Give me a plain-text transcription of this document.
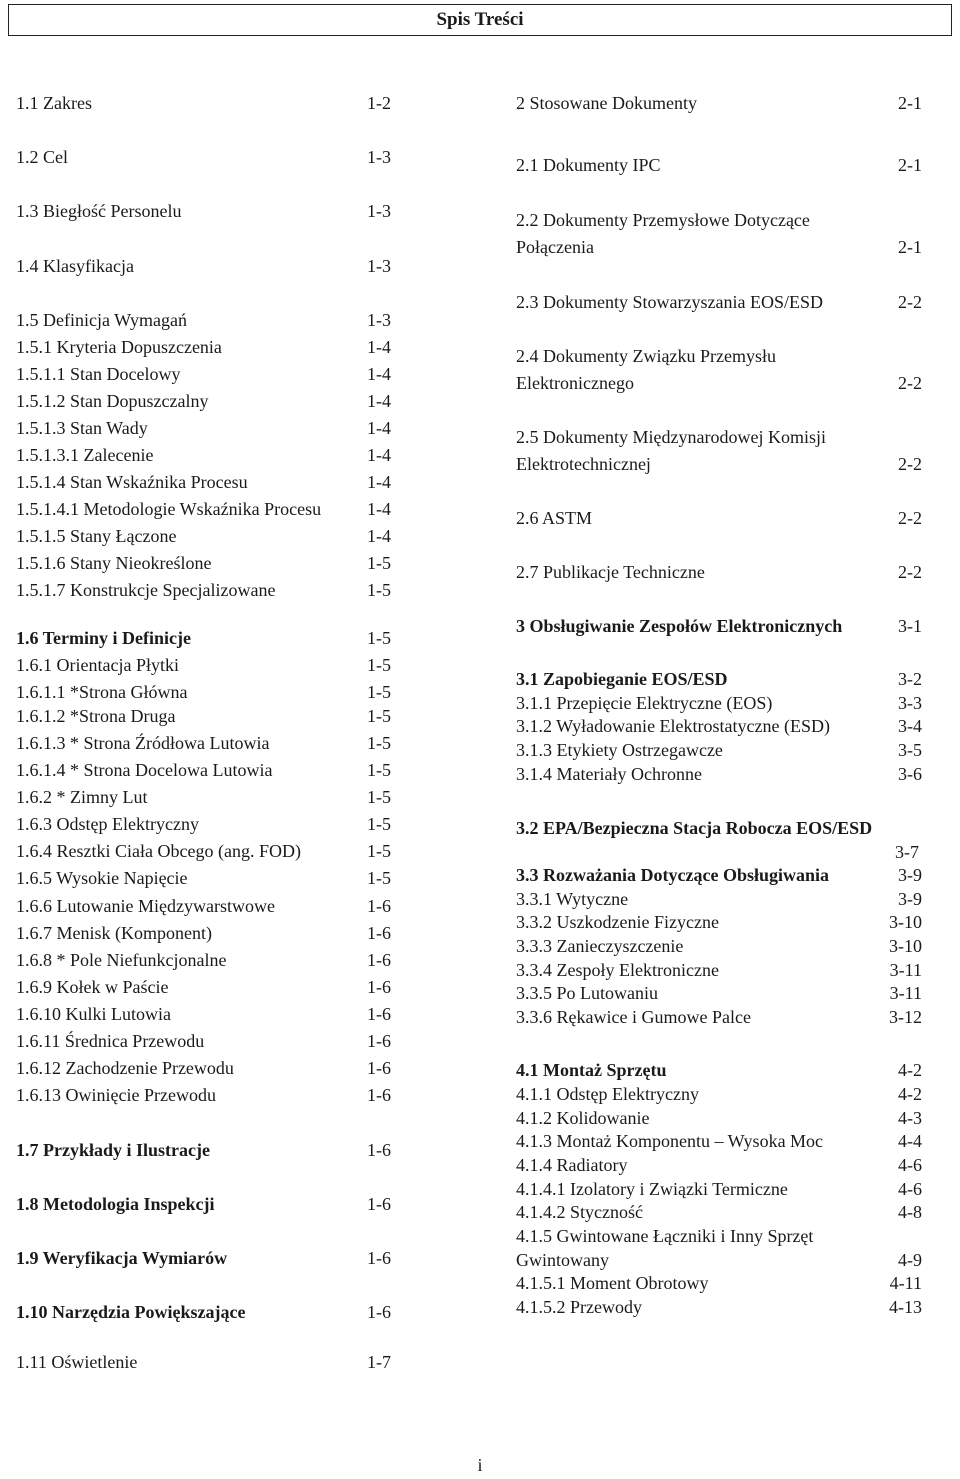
Spis Treści
1.1 Zakres	1-2
1.2 Cel	1-3
1.3 Biegłość Personelu	1-3
1.4 Klasyfikacja	1-3
1.5 Definicja Wymagań	1-3
1.5.1 Kryteria Dopuszczenia	1-4
1.5.1.1 Stan Docelowy	1-4
1.5.1.2 Stan Dopuszczalny	1-4
1.5.1.3 Stan Wady	1-4
1.5.1.3.1 Zalecenie	1-4
1.5.1.4 Stan Wskaźnika Procesu	1-4
1.5.1.4.1 Metodologie Wskaźnika Procesu	1-4
1.5.1.5 Stany Łączone	1-4
1.5.1.6 Stany Nieokreślone	1-5
1.5.1.7 Konstrukcje Specjalizowane	1-5
1.6 Terminy i Definicje	1-5
1.6.1 Orientacja Płytki	1-5
1.6.1.1 *Strona Główna	1-5
1.6.1.2 *Strona Druga	1-5
1.6.1.3 * Strona Źródłowa Lutowia	1-5
1.6.1.4 * Strona Docelowa Lutowia	1-5
1.6.2 * Zimny Lut	1-5
1.6.3 Odstęp Elektryczny	1-5
1.6.4 Resztki Ciała Obcego (ang. FOD)	1-5
1.6.5 Wysokie Napięcie	1-5
1.6.6 Lutowanie Międzywarstwowe	1-6
1.6.7 Menisk (Komponent)	1-6
1.6.8 * Pole Niefunkcjonalne	1-6
1.6.9 Kołek w Paście	1-6
1.6.10 Kulki Lutowia	1-6
1.6.11 Średnica Przewodu	1-6
1.6.12 Zachodzenie Przewodu	1-6
1.6.13 Owinięcie Przewodu	1-6
1.7 Przykłady i Ilustracje	1-6
1.8 Metodologia Inspekcji	1-6
1.9 Weryfikacja Wymiarów	1-6
1.10 Narzędzia Powiększające	1-6
1.11 Oświetlenie	1-7
2 Stosowane Dokumenty	2-1
2.1 Dokumenty IPC	2-1
2.2 Dokumenty Przemysłowe Dotyczące
Połączenia	2-1
2.3 Dokumenty Stowarzyszania EOS/ESD	2-2
2.4 Dokumenty Związku Przemysłu
Elektronicznego	2-2
2.5 Dokumenty Międzynarodowej Komisji
Elektrotechnicznej	2-2
2.6 ASTM	2-2
2.7 Publikacje Techniczne	2-2
3 Obsługiwanie Zespołów Elektronicznych	3-1
3.1 Zapobieganie EOS/ESD	3-2
3.1.1 Przepięcie Elektryczne (EOS)	3-3
3.1.2 Wyładowanie Elektrostatyczne (ESD)	3-4
3.1.3 Etykiety Ostrzegawcze	3-5
3.1.4 Materiały Ochronne	3-6
3.2 EPA/Bezpieczna Stacja Robocza EOS/ESD
3-7
3.3 Rozważania Dotyczące Obsługiwania	3-9
3.3.1 Wytyczne	3-9
3.3.2 Uszkodzenie Fizyczne	3-10
3.3.3 Zanieczyszczenie	3-10
3.3.4 Zespoły Elektroniczne	3-11
3.3.5 Po Lutowaniu	3-11
3.3.6 Rękawice i Gumowe Palce	3-12
4.1 Montaż Sprzętu	4-2
4.1.1 Odstęp Elektryczny	4-2
4.1.2 Kolidowanie	4-3
4.1.3 Montaż Komponentu – Wysoka Moc	4-4
4.1.4 Radiatory	4-6
4.1.4.1 Izolatory i Związki Termiczne	4-6
4.1.4.2 Styczność	4-8
4.1.5 Gwintowane Łączniki i Inny Sprzęt
Gwintowany	4-9
4.1.5.1 Moment Obrotowy	4-11
4.1.5.2 Przewody	4-13
i
